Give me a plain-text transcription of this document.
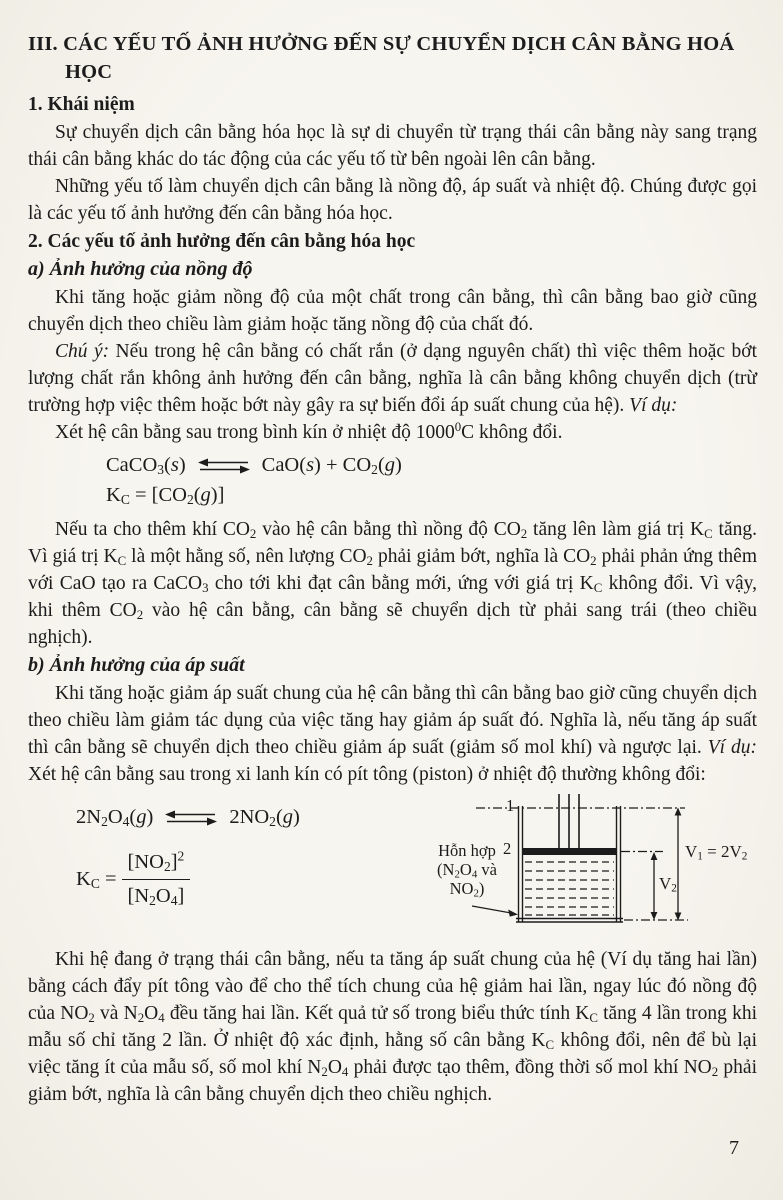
III. CÁC YẾU TỐ ẢNH HƯỞNG ĐẾN SỰ CHUYỂN DỊCH CÂN BẰNG HOÁ HỌC
1. Khái niệm

Sự chuyển dịch cân bằng hóa học là sự di chuyển từ trạng thái cân bằng này sang trạng thái cân bằng khác do tác động của các yếu tố từ bên ngoài lên cân bằng.

Những yếu tố làm chuyển dịch cân bằng là nồng độ, áp suất và nhiệt độ. Chúng được gọi là các yếu tố ảnh hưởng đến cân bằng hóa học.

2. Các yếu tố ảnh hưởng đến cân bằng hóa học
a) Ảnh hưởng của nồng độ

Khi tăng hoặc giảm nồng độ của một chất trong cân bằng, thì cân bằng bao giờ cũng chuyển dịch theo chiều làm giảm hoặc tăng nồng độ của chất đó.

Chú ý: Nếu trong hệ cân bằng có chất rắn (ở dạng nguyên chất) thì việc thêm hoặc bớt lượng chất rắn không ảnh hưởng đến cân bằng, nghĩa là cân bằng không chuyển dịch (trừ trường hợp việc thêm hoặc bớt này gây ra sự biến đổi áp suất chung của hệ). Ví dụ:

Xét hệ cân bằng sau trong bình kín ở nhiệt độ 1000$^0$C không đổi.

CaCO$_3$(s) ⇌ $CaO(s) + CO_2(g)$
$K_C = [CO_2(g)]$

Nếu ta cho thêm khí $CO_2$ vào hệ cân bằng thì nồng độ $CO_2$ tăng lên làm giá trị $K_C$ tăng. Vì giá trị $K_C$ là một hằng số, nên lượng $CO_2$ phải giảm bớt, nghĩa là $CO_2$ phải phản ứng thêm với CaO tạo ra CaCO$_3$ cho tới khi đạt cân bằng mới, ứng với giá trị $K_C$ không đổi. Vì vậy, khi thêm $CO_2$ vào hệ cân bằng, cân bằng sẽ chuyển dịch từ phải sang trái (theo chiều nghịch).

b) Ảnh hưởng của áp suất

Khi tăng hoặc giảm áp suất chung của hệ cân bằng thì cân bằng bao giờ cũng chuyển dịch theo chiều làm giảm tác dụng của việc tăng hay giảm áp suất đó. Nghĩa là, nếu tăng áp suất thì cân bằng sẽ chuyển dịch theo chiều giảm áp suất (giảm số mol khí) và ngược lại. Ví dụ: Xét hệ cân bằng sau trong xi lanh kín có pít tông (piston) ở nhiệt độ thường không đổi:

$2N_2O_4(g)$ ⇌ $2NO_2(g)$
$K_C = \frac{[NO_2]^2}{[N_2O_4]}$
1
2
Hỗn hợp
($N_2O_4$ và
$NO_2$)
$V_1 = 2V_2$
$V_2$

Khi hệ đang ở trạng thái cân bằng, nếu ta tăng áp suất chung của hệ (Ví dụ tăng hai lần) bằng cách đẩy pít tông vào để cho thể tích chung của hệ giảm hai lần, ngay lúc đó nồng độ của $NO_2$ và $N_2O_4$ đều tăng hai lần. Kết quả tử số trong biểu thức tính $K_C$ tăng 4 lần trong khi mẫu số chỉ tăng 2 lần. Ở nhiệt độ xác định, hằng số cân bằng $K_C$ không đổi, nên để bù lại việc tăng ít của mẫu số, số mol khí $N_2O_4$ phải được tạo thêm, đồng thời số mol khí $NO_2$ phải giảm bớt, nghĩa là cân bằng chuyển dịch theo chiều nghịch.

7
